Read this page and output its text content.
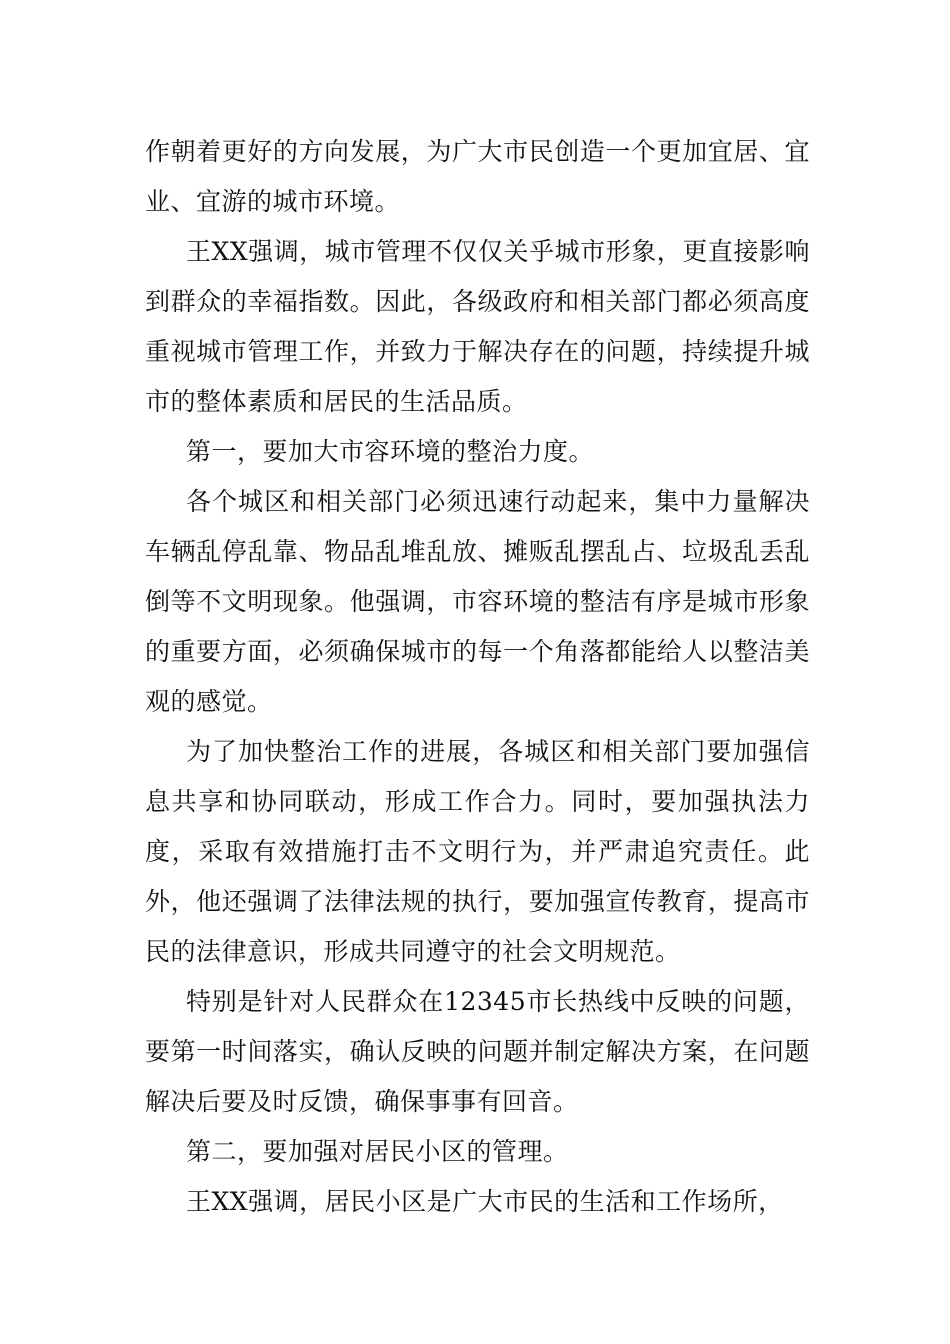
作朝着更好的方向发展，为广大市民创造一个更加宜居、宜业、宜游的城市环境。

王XX强调，城市管理不仅仅关乎城市形象，更直接影响到群众的幸福指数。因此，各级政府和相关部门都必须高度重视城市管理工作，并致力于解决存在的问题，持续提升城市的整体素质和居民的生活品质。

第一，要加大市容环境的整治力度。

各个城区和相关部门必须迅速行动起来，集中力量解决车辆乱停乱靠、物品乱堆乱放、摊贩乱摆乱占、垃圾乱丢乱倒等不文明现象。他强调，市容环境的整洁有序是城市形象的重要方面，必须确保城市的每一个角落都能给人以整洁美观的感觉。

为了加快整治工作的进展，各城区和相关部门要加强信息共享和协同联动，形成工作合力。同时，要加强执法力度，采取有效措施打击不文明行为，并严肃追究责任。此外，他还强调了法律法规的执行，要加强宣传教育，提高市民的法律意识，形成共同遵守的社会文明规范。

特别是针对人民群众在12345市长热线中反映的问题，要第一时间落实，确认反映的问题并制定解决方案，在问题解决后要及时反馈，确保事事有回音。

第二，要加强对居民小区的管理。

王XX强调，居民小区是广大市民的生活和工作场所，
